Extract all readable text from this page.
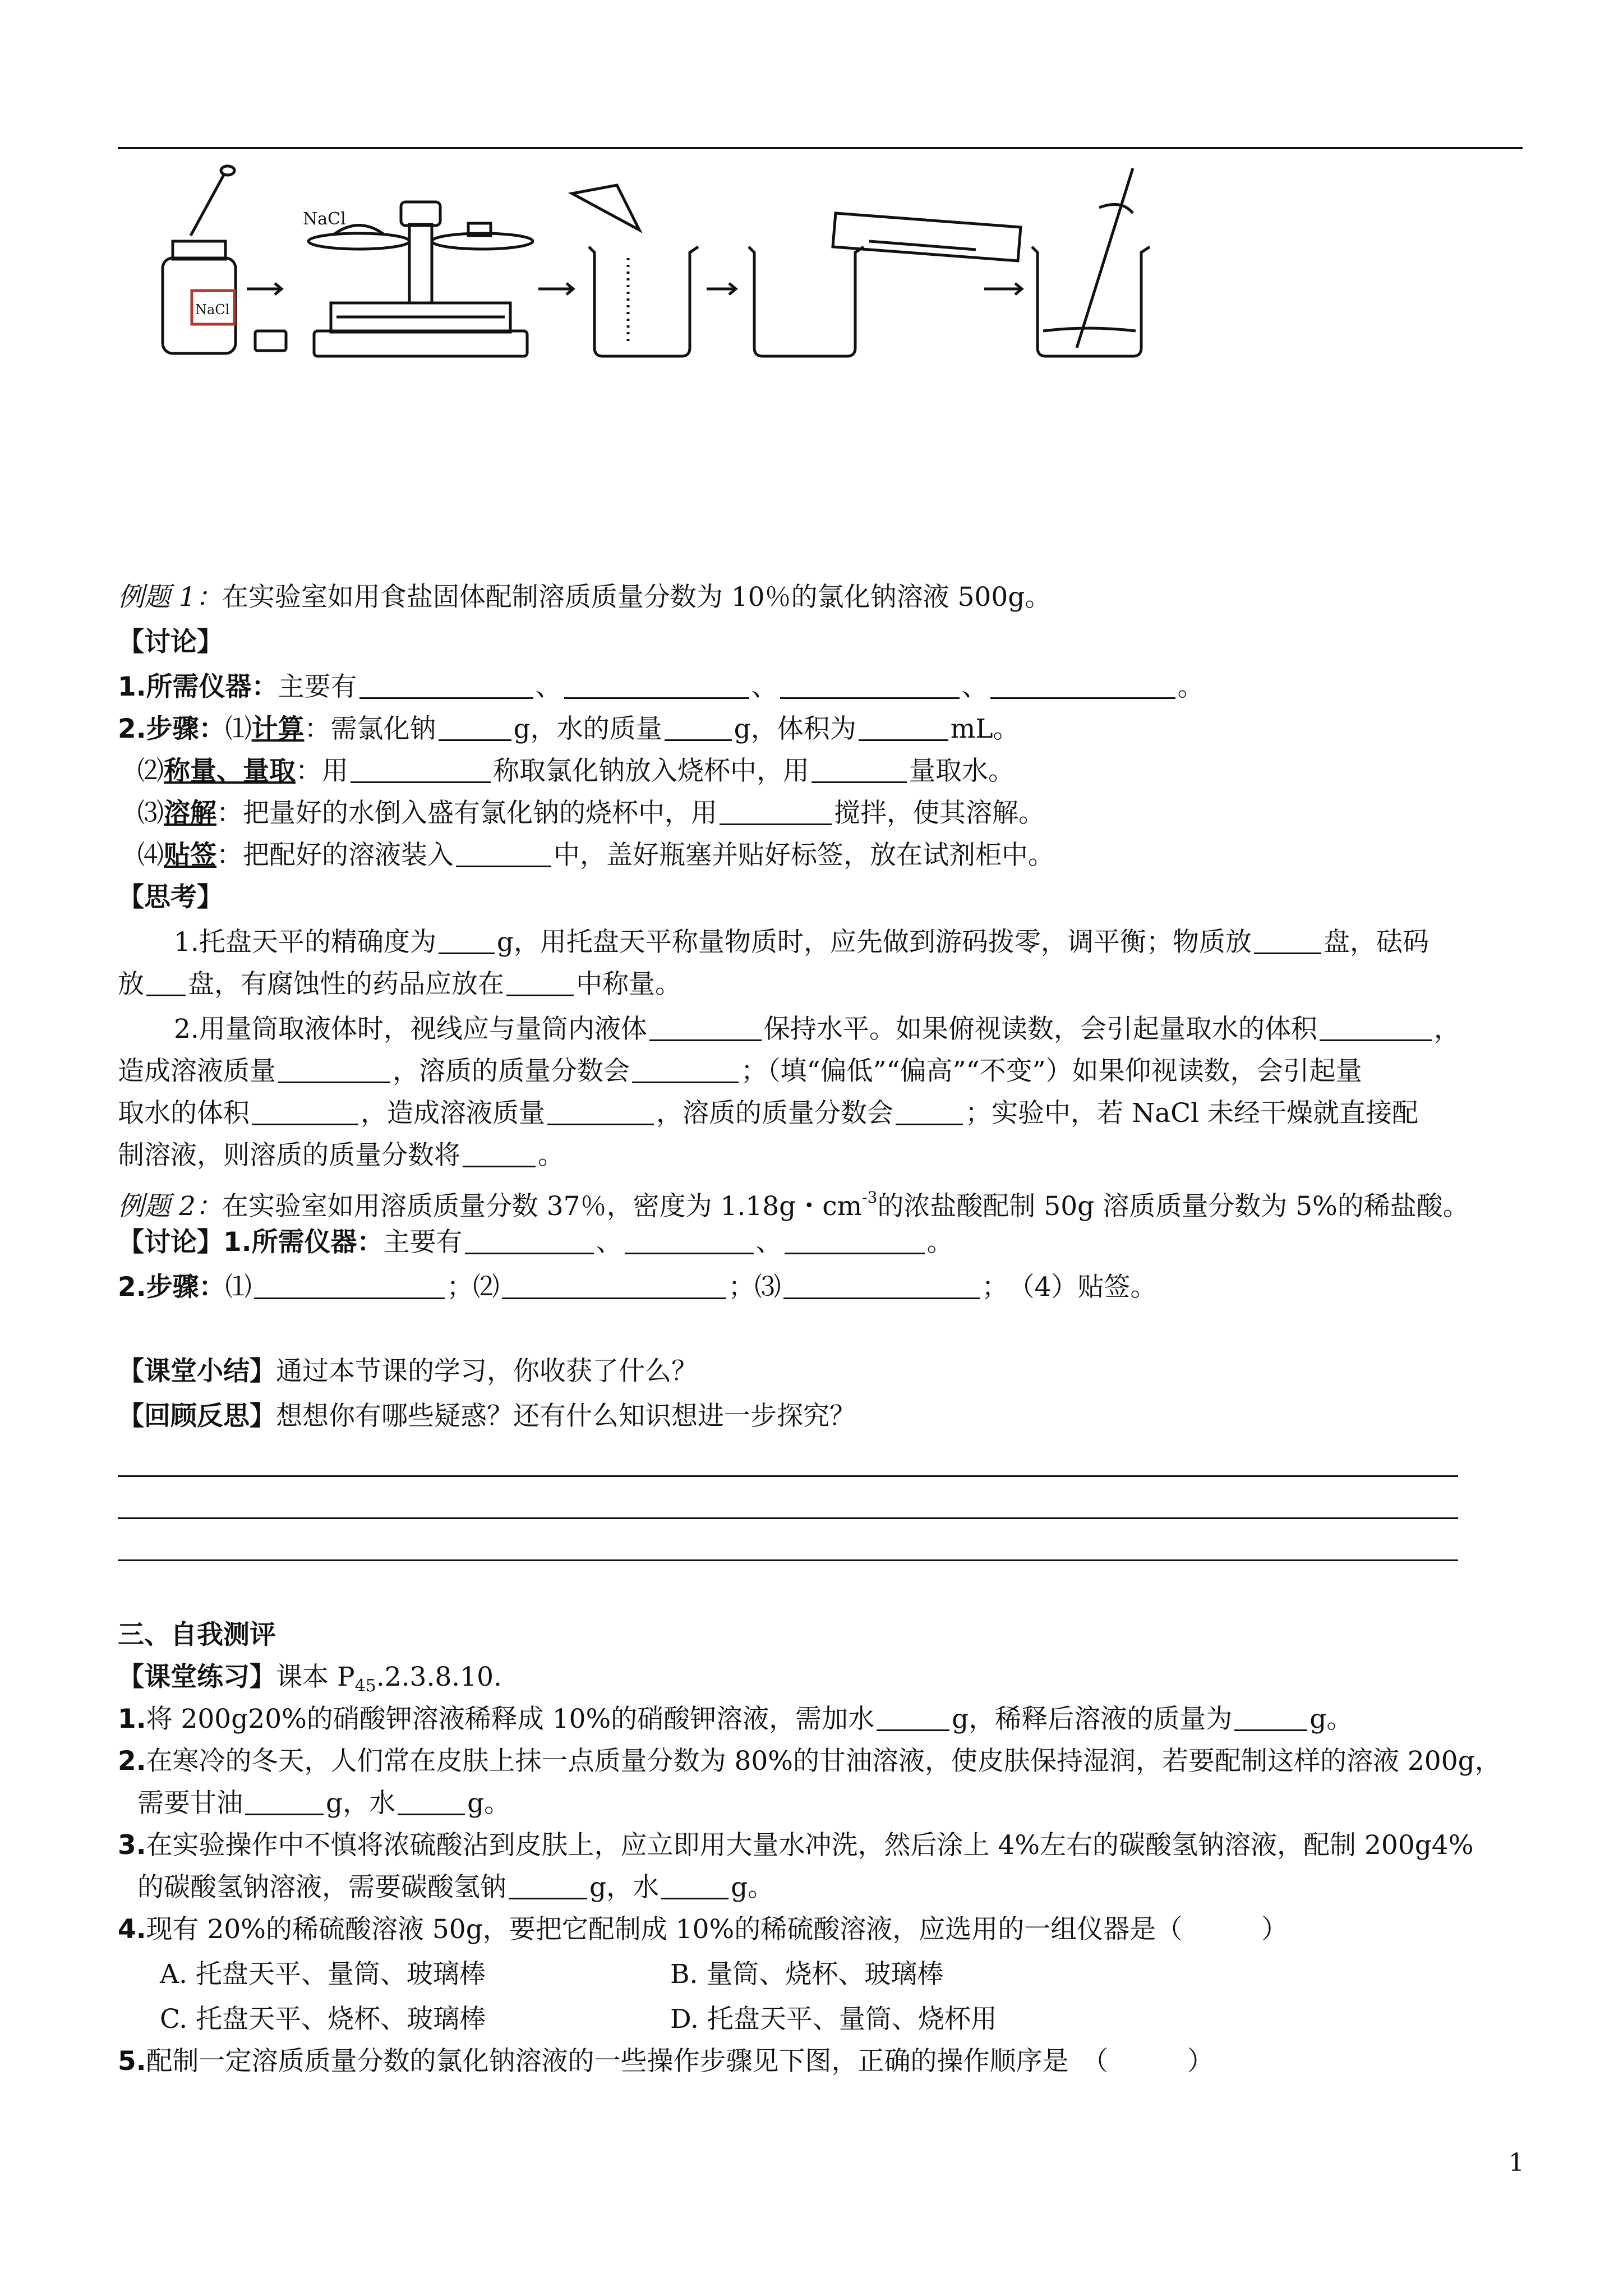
NaCl
NaCl
例题 1：在实验室如用食盐固体配制溶质质量分数为 10％的氯化钠溶液 500g。
【讨论】
1.所需仪器：主要有	、	、	、	。
2.步骤：⑴计算：需氯化钠	g，水的质量	g，体积为	mL。
⑵称量、量取：用	称取氯化钠放入烧杯中，用	量取水。
⑶溶解：把量好的水倒入盛有氯化钠的烧杯中，用	搅拌，使其溶解。
⑷贴签：把配好的溶液装入	中，盖好瓶塞并贴好标签，放在试剂柜中。
【思考】
1.托盘天平的精确度为 g，用托盘天平称量物质时，应先做到游码拨零，调平衡；物质放	盘，砝码
放 盘，有腐蚀性的药品应放在	中称量。
2.用量筒取液体时，视线应与量筒内液体	保持水平。如果俯视读数，会引起量取水的体积	，
造成溶液质量	，溶质的质量分数会	；（填“偏低”“偏高”“不变”）如果仰视读数，会引起量
取水的体积	，造成溶液质量	，溶质的质量分数会	；实验中，若 NaCl 未经干燥就直接配
制溶液，则溶质的质量分数将	。
例题 2：在实验室如用溶质质量分数 37％，密度为 1.18g・$cm^{-3}$的浓盐酸配制 50g 溶质质量分数为 5%的稀盐酸。
【讨论】1.所需仪器：主要有	、	、	。
2.步骤：⑴	；⑵	；⑶	；　（4）贴签。
【课堂小结】通过本节课的学习，你收获了什么？
【回顾反思】想想你有哪些疑惑？还有什么知识想进一步探究？
三、自我测评
【课堂练习】课本 $P_{45}.2.3.8.10$.
1.将 200g20%的硝酸钾溶液稀释成 10%的硝酸钾溶液，需加水	g，稀释后溶液的质量为	g。
2.在寒冷的冬天，人们常在皮肤上抹一点质量分数为 80%的甘油溶液，使皮肤保持湿润，若要配制这样的溶液 200g，
需要甘油	g，水	g。
3.在实验操作中不慎将浓硫酸沾到皮肤上，应立即用大量水冲洗，然后涂上 4%左右的碳酸氢钠溶液，配制 200g4%
的碳酸氢钠溶液，需要碳酸氢钠	g，水	g。
4.现有 20%的稀硫酸溶液 50g，要把它配制成 10%的稀硫酸溶液，应选用的一组仪器是（　　　）
A. 托盘天平、量筒、玻璃棒	B. 量筒、烧杯、玻璃棒
C. 托盘天平、烧杯、玻璃棒	D. 托盘天平、量筒、烧杯用
5.配制一定溶质质量分数的氯化钠溶液的一些操作步骤见下图，正确的操作顺序是　（　　　）
1
